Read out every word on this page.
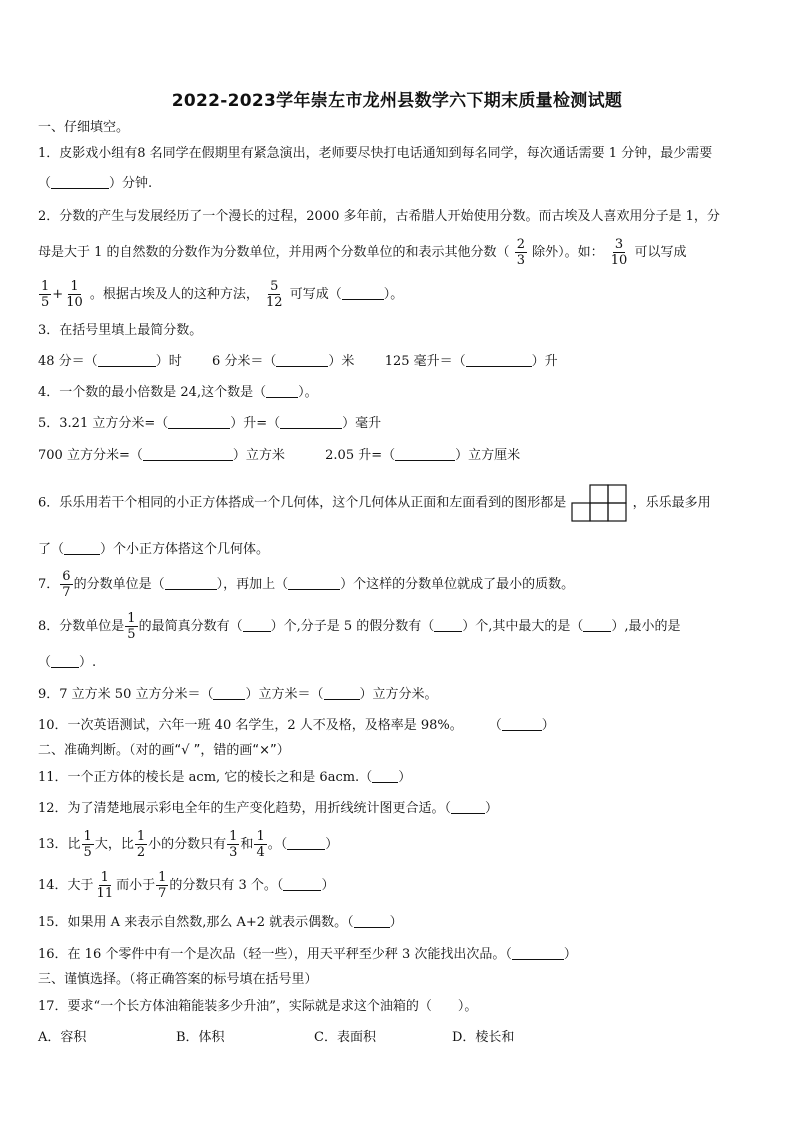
2022-2023学年崇左市龙州县数学六下期末质量检测试题
一、仔细填空。
1．皮影戏小组有8 名同学在假期里有紧急演出，老师要尽快打电话通知到每名同学，每次通话需要 1 分钟，最少需要
（	）分钟.
2．分数的产生与发展经历了一个漫长的过程，2000 多年前，古希腊人开始使用分数。而古埃及人喜欢用分子是 1，分
母是大于 1 的自然数的分数作为分数单位，并用两个分数单位的和表示其他分数（ $\frac{2}{3}$ 除外）。如： $\frac{3}{10}$ 可以写成
$\frac{1}{5} + \frac{1}{10}$ 。根据古埃及人的这种方法， $\frac{5}{12}$ 可写成（	）。
3．在括号里填上最简分数。
48 分＝（	）时 6 分米＝（	）米 125 毫升＝（	）升
4．一个数的最小倍数是 24,这个数是（ ）。
5．3.21 立方分米=（	）升=（	）毫升
700 立方分米=（	）立方米	2.05 升=（	）立方厘米
6．乐乐用若干个相同的小正方体搭成一个几何体，这个几何体从正面和左面看到的图形都是	，乐乐最多用
了（	）个小正方体搭这个几何体。
7． $\frac{6}{7}$ 的分数单位是（	），再加上（	）个这样的分数单位就成了最小的质数。
8．分数单位是 $\frac{1}{5}$ 的最简真分数有（ ）个,分子是 5 的假分数有（ ）个,其中最大的是（ ）,最小的是
（ ）.
9．7 立方米 50 立方分米＝（ ）立方米＝（	）立方分米。
10．一次英语测试，六年一班 40 名学生，2 人不及格，及格率是 98%。 （	）
二、准确判断。（对的画“√ ”，错的画“×”）
11．一个正方体的棱长是 acm, 它的棱长之和是 6acm.（ ）
12．为了清楚地展示彩电全年的生产变化趋势，用折线统计图更合适。（	）
13．比 $\frac{1}{5}$ 大，比 $\frac{1}{2}$ 小的分数只有 $\frac{1}{3}$ 和 $\frac{1}{4}$ 。（	）
14．大于 $\frac{1}{11}$ 而小于 $\frac{1}{7}$ 的分数只有 3 个。（	）
15．如果用 A 来表示自然数,那么 A+2 就表示偶数。（	）
16．在 16 个零件中有一个是次品（轻一些），用天平秤至少秤 3 次能找出次品。（	）
三、谨慎选择。（将正确答案的标号填在括号里）
17．要求“一个长方体油箱能装多少升油”，实际就是求这个油箱的（　　）。
A．容积	B．体积	C．表面积	D．棱长和
